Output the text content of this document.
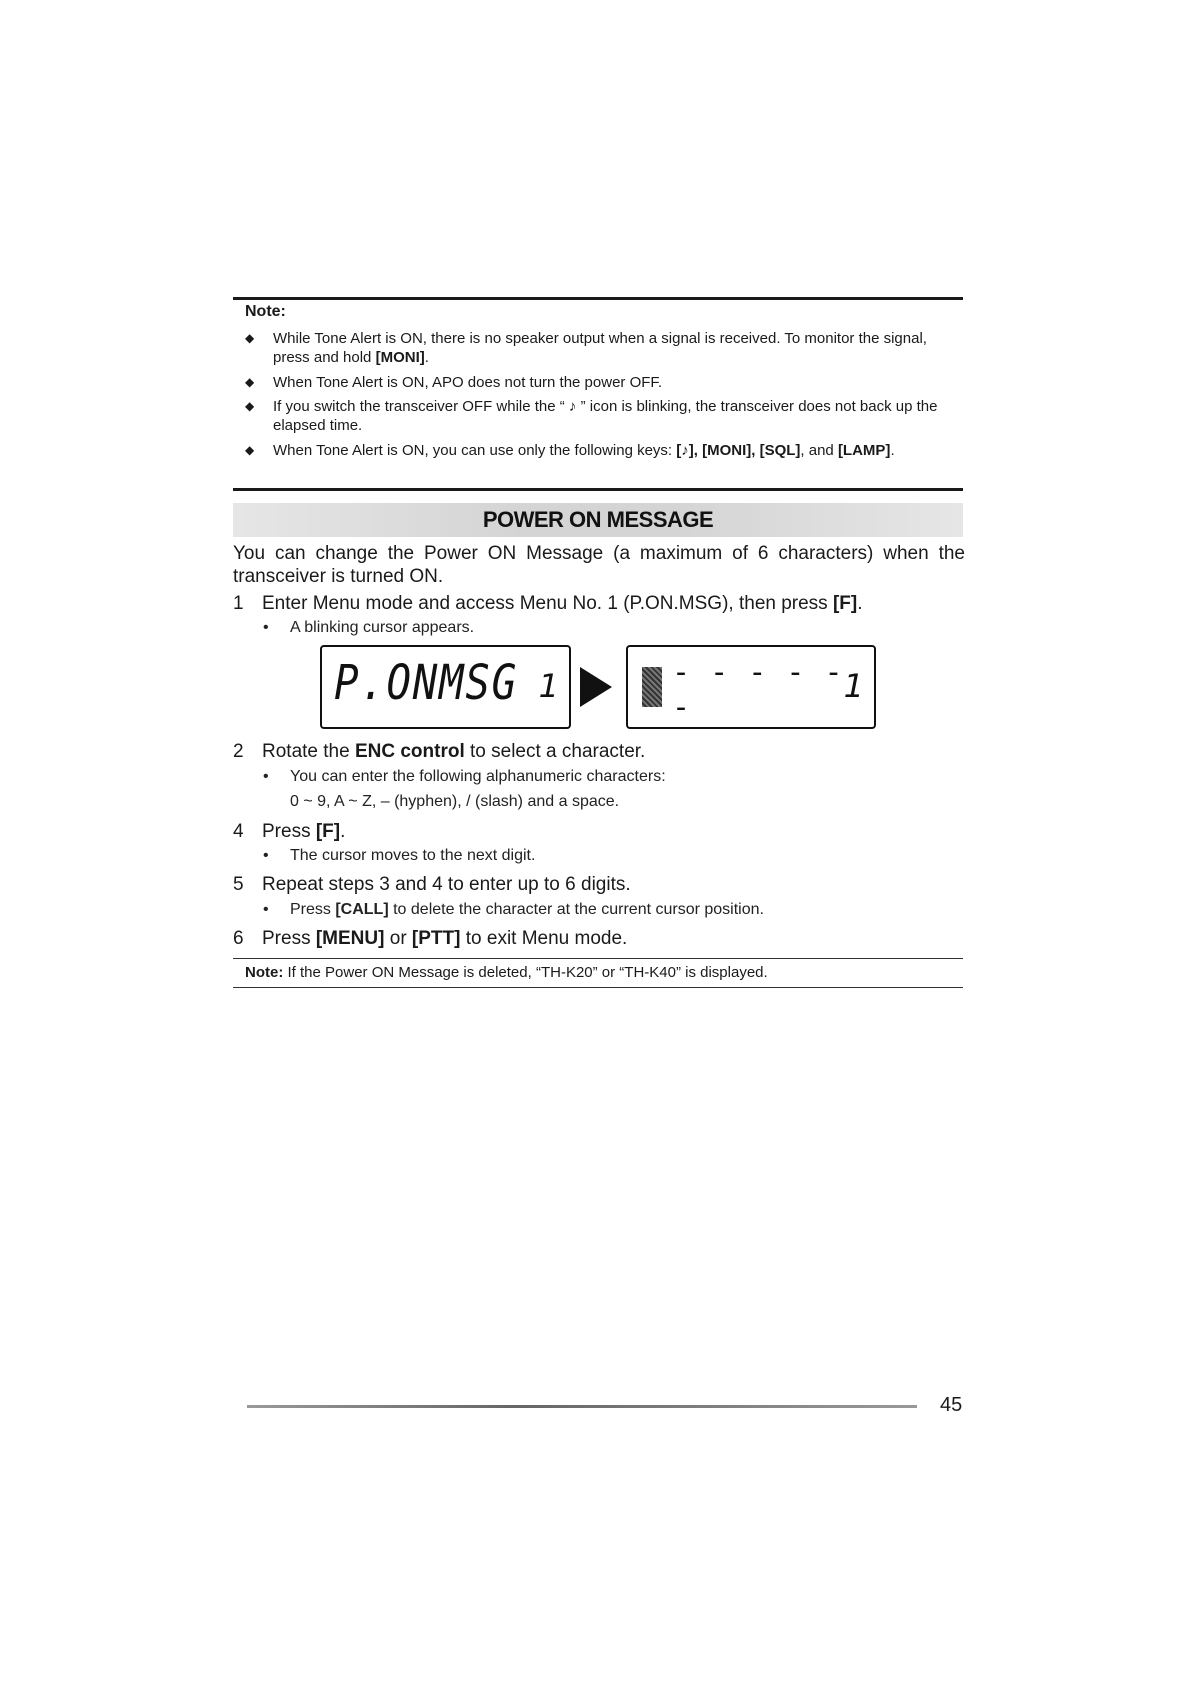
Note:
◆ While Tone Alert is ON, there is no speaker output when a signal is received. To monitor the signal, press and hold [MONI].
◆ When Tone Alert is ON, APO does not turn the power OFF.
◆ If you switch the transceiver OFF while the “ ♪ ” icon is blinking, the transceiver does not back up the elapsed time.
◆ When Tone Alert is ON, you can use only the following keys: [♪], [MONI], [SQL], and [LAMP].
POWER ON MESSAGE
You can change the Power ON Message (a maximum of 6 characters) when the transceiver is turned ON.
1 Enter Menu mode and access Menu No. 1 (P.ON.MSG), then press [F].
• A blinking cursor appears.
P.ONMSG 1	- - - - - -
1
2 Rotate the ENC control to select a character.
• You can enter the following alphanumeric characters:
0 ~ 9, A ~ Z, – (hyphen), / (slash) and a space.
4 Press [F].
• The cursor moves to the next digit.
5 Repeat steps 3 and 4 to enter up to 6 digits.
• Press [CALL] to delete the character at the current cursor position.
6 Press [MENU] or [PTT] to exit Menu mode.
Note: If the Power ON Message is deleted, “TH-K20” or “TH-K40” is displayed.
45
